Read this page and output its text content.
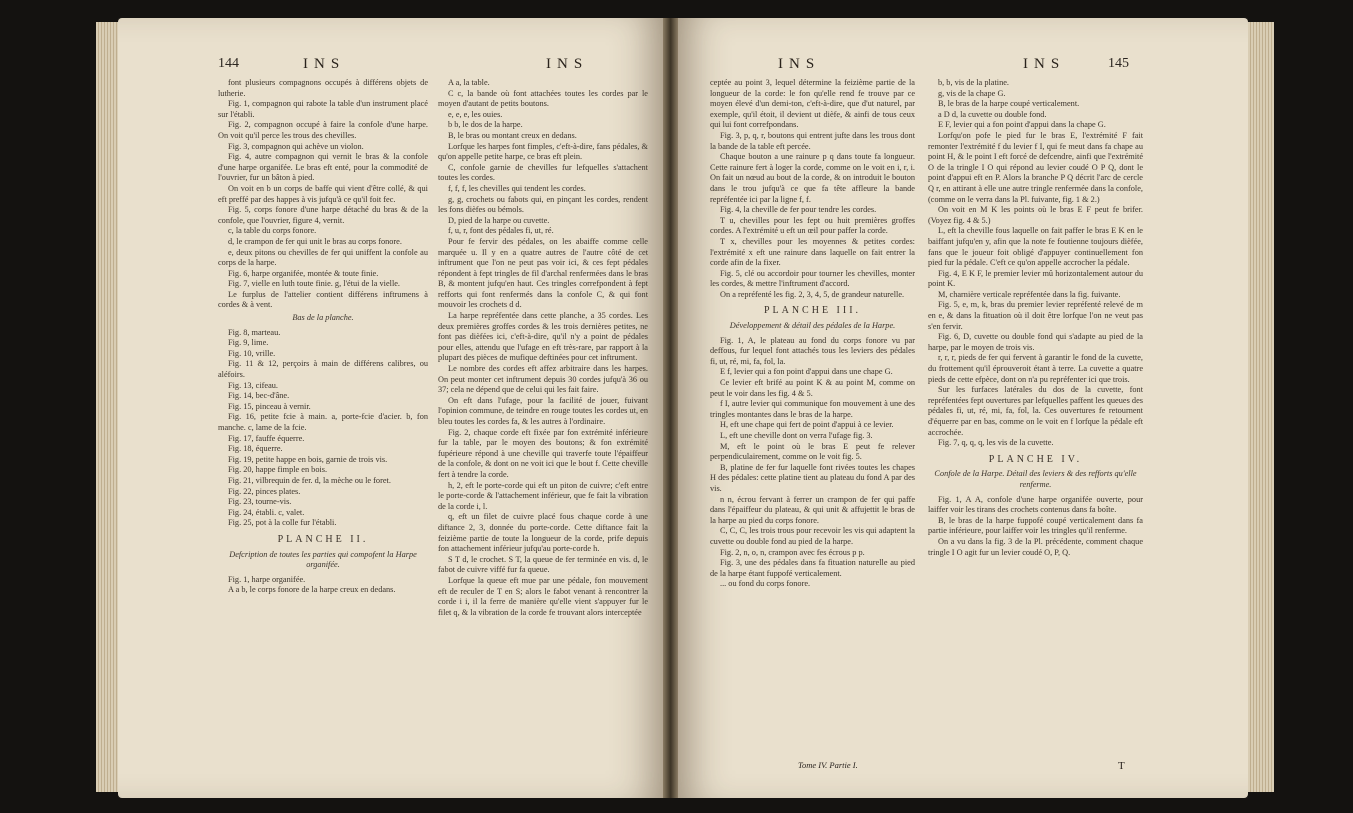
144	INS	INS

font plusieurs compagnons occupés à différens objets de lutherie.

Fig. 1, compagnon qui rabote la table d'un instrument placé sur l'établi.

Fig. 2, compagnon occupé à faire la confole d'une harpe. On voit qu'il perce les trous des chevilles.

Fig. 3, compagnon qui achève un violon.

Fig. 4, autre compagnon qui vernit le bras & la confole d'une harpe organifée. Le bras eft enté, pour la commodité de l'ouvrier, fur un bâton à pied.

On voit en b un corps de baffe qui vient d'être collé, & qui eft preffé par des happes à vis jufqu'à ce qu'il foit fec.

Fig. 5, corps fonore d'une harpe détaché du bras & de la confole, que l'ouvrier, figure 4, vernit.

c, la table du corps fonore.

d, le crampon de fer qui unit le bras au corps fonore.

e, deux pitons ou chevilles de fer qui uniffent la confole au corps de la harpe.

Fig. 6, harpe organifée, montée & toute finie.

Fig. 7, vielle en luth toute finie. g, l'étui de la vielle.

Le furplus de l'attelier contient différens inftrumens à cordes & à vent.

Bas de la planche.

Fig. 8, marteau.

Fig. 9, lime.

Fig. 10, vrille.

Fig. 11 & 12, perçoirs à main de différens calibres, ou aléfoirs.

Fig. 13, cifeau.

Fig. 14, bec-d'âne.

Fig. 15, pinceau à vernir.

Fig. 16, petite fcie à main. a, porte-fcie d'acier. b, fon manche. c, lame de la fcie.

Fig. 17, fauffe équerre.

Fig. 18, équerre.

Fig. 19, petite happe en bois, garnie de trois vis.

Fig. 20, happe fimple en bois.

Fig. 21, vilbrequin de fer. d, la mèche ou le foret.

Fig. 22, pinces plates.

Fig. 23, tourne-vis.

Fig. 24, établi. c, valet.

Fig. 25, pot à la colle fur l'établi.

PLANCHE II.
Defcription de toutes les parties qui compofent la Harpe organifée.

Fig. 1, harpe organifée.

A a b, le corps fonore de la harpe creux en dedans.

A a, la table.

C c, la bande où font attachées toutes les cordes par le moyen d'autant de petits boutons.

e, e, e, les ouies.

b b, le dos de la harpe.

B, le bras ou montant creux en dedans.

Lorfque les harpes font fimples, c'eft-à-dire, fans pédales, & qu'on appelle petite harpe, ce bras eft plein.

C, confole garnie de chevilles fur lefquelles s'attachent toutes les cordes.

f, f, f, les chevilles qui tendent les cordes.

g, g, crochets ou fabots qui, en pinçant les cordes, rendent les fons dièfes ou bémols.

D, pied de la harpe ou cuvette.

f, u, r, font des pédales fi, ut, ré.

Pour fe fervir des pédales, on les abaiffe comme celle marquée u. Il y en a quatre autres de l'autre côté de cet inftrument que l'on ne peut pas voir ici, & ces fept pédales répondent à fept tringles de fil d'archal renfermées dans le bras B, & montent jufqu'en haut. Ces tringles correfpondent à fept refforts qui font renfermés dans la confole C, & qui font mouvoir les crochets d d.

La harpe repréfentée dans cette planche, a 35 cordes. Les deux premières groffes cordes & les trois dernières petites, ne font pas dièfées ici, c'eft-à-dire, qu'il n'y a point de pédales pour elles, attendu que l'ufage en eft très-rare, par rapport à la plupart des pièces de mufique deftinées pour cet inftrument.

Le nombre des cordes eft affez arbitraire dans les harpes. On peut monter cet inftrument depuis 30 cordes jufqu'à 36 ou 37; cela ne dépend que de celui qui les fait faire.

On eft dans l'ufage, pour la facilité de jouer, fuivant l'opinion commune, de teindre en rouge toutes les cordes ut, en bleu toutes les cordes fa, & les autres à l'ordinaire.

Fig. 2, chaque corde eft fixée par fon extrémité inférieure fur la table, par le moyen des boutons; & fon extrémité fupérieure répond à une cheville qui traverfe toute l'épaiffeur de la confole, & dont on ne voit ici que le bout f. Cette cheville fert à tendre la corde.

h, 2, eft le porte-corde qui eft un piton de cuivre; c'eft entre le porte-corde & l'attachement inférieur, que fe fait la vibration de la corde i, l.

q, eft un filet de cuivre placé fous chaque corde à une diftance 2, 3, donnée du porte-corde. Cette diftance fait la feizième partie de toute la longueur de la corde, prife depuis fon attachement inférieur jufqu'au porte-corde h.

S T d, le crochet. S T, la queue de fer terminée en vis. d, le fabot de cuivre viffé fur fa queue.

Lorfque la queue eft mue par une pédale, fon mouvement eft de reculer de T en S; alors le fabot venant à rencontrer la corde i i, il la ferre de manière qu'elle vient s'appuyer fur le filet q, & la vibration de la corde fe trouvant alors interceptée

INS	INS	145

ceptée au point 3, lequel détermine la feizième partie de la longueur de la corde: le fon qu'elle rend fe trouve par ce moyen élevé d'un demi-ton, c'eft-à-dire, que d'ut naturel, par exemple, qu'il étoit, il devient ut dièfe, & ainfi de tous ceux qui lui font correfpondans.

Fig. 3, p, q, r, boutons qui entrent jufte dans les trous dont la bande de la table eft percée.

Chaque bouton a une rainure p q dans toute fa longueur. Cette rainure fert à loger la corde, comme on le voit en i, r, i. On fait un nœud au bout de la corde, & on introduit le bouton dans le trou jufqu'à ce que fa tête affleure la bande repréfentée ici par la ligne f, f.

Fig. 4, la cheville de fer pour tendre les cordes.

T u, chevilles pour les fept ou huit premières groffes cordes. A l'extrémité u eft un œil pour paffer la corde.

T x, chevilles pour les moyennes & petites cordes: l'extrémité x eft une rainure dans laquelle on fait entrer la corde afin de la fixer.

Fig. 5, clé ou accordoir pour tourner les chevilles, monter les cordes, & mettre l'inftrument d'accord.

On a repréfenté les fig. 2, 3, 4, 5, de grandeur naturelle.

PLANCHE III.
Développement & détail des pédales de la Harpe.

Fig. 1, A, le plateau au fond du corps fonore vu par deffous, fur lequel font attachés tous les leviers des pédales fi, ut, ré, mi, fa, fol, la.

E f, levier qui a fon point d'appui dans une chape G.

Ce levier eft brifé au point K & au point M, comme on peut le voir dans les fig. 4 & 5.

f I, autre levier qui communique fon mouvement à une des tringles montantes dans le bras de la harpe.

H, eft une chape qui fert de point d'appui à ce levier.

L, eft une cheville dont on verra l'ufage fig. 3.

M, eft le point où le bras E peut fe relever perpendiculairement, comme on le voit fig. 5.

B, platine de fer fur laquelle font rivées toutes les chapes H des pédales: cette platine tient au plateau du fond A par des vis.

n n, écrou fervant à ferrer un crampon de fer qui paffe dans l'épaiffeur du plateau, & qui unit & affujettit le bras de la harpe au pied du corps fonore.

C, C, C, les trois trous pour recevoir les vis qui adaptent la cuvette ou double fond au pied de la harpe.

Fig. 2, n, o, n, crampon avec fes écrous p p.

Fig. 3, une des pédales dans fa fituation naturelle au pied de la harpe étant fuppofé verticalement.

... ou fond du corps fonore.

Tome IV. Partie I.

b, b, vis de la platine.

g, vis de la chape G.

B, le bras de la harpe coupé verticalement.

a D d, la cuvette ou double fond.

E F, levier qui a fon point d'appui dans la chape G.

Lorfqu'on pofe le pied fur le bras E, l'extrémité F fait remonter l'extrémité f du levier f I, qui fe meut dans fa chape au point H, & le point I eft forcé de defcendre, ainfi que l'extrémité O de la tringle I O qui répond au levier coudé O P Q, dont le point d'appui eft en P. Alors la branche P Q décrit l'arc de cercle Q r, en attirant à elle une autre tringle renfermée dans la confole, (comme on le verra dans la Pl. fuivante, fig. 1 & 2.)

On voit en M K les points où le bras E F peut fe brifer. (Voyez fig. 4 & 5.)

L, eft la cheville fous laquelle on fait paffer le bras E K en le baiffant jufqu'en y, afin que la note fe foutienne toujours dièfée, fans que le joueur foit obligé d'appuyer continuellement fon pied fur la pédale. C'eft ce qu'on appelle accrocher la pédale.

Fig. 4, E K F, le premier levier mû horizontalement autour du point K.

M, charnière verticale repréfentée dans la fig. fuivante.

Fig. 5, e, m, k, bras du premier levier repréfenté relevé de m en e, & dans la fituation où il doit être lorfque l'on ne veut pas s'en fervir.

Fig. 6, D, cuvette ou double fond qui s'adapte au pied de la harpe, par le moyen de trois vis.

r, r, r, pieds de fer qui fervent à garantir le fond de la cuvette, du frottement qu'il éprouveroit étant à terre. La cuvette a quatre pieds de cette efpèce, dont on n'a pu repréfenter ici que trois.

Sur les furfaces latérales du dos de la cuvette, font repréfentées fept ouvertures par lefquelles paffent les queues des pédales fi, ut, ré, mi, fa, fol, la. Ces ouvertures fe retournent d'équerre par en bas, comme on le voit en f lorfque la pédale eft accrochée.

Fig. 7, q, q, q, les vis de la cuvette.

PLANCHE IV.
Confole de la Harpe. Détail des leviers & des refforts qu'elle renferme.

Fig. 1, A A, confole d'une harpe organifée ouverte, pour laiffer voir les tirans des crochets contenus dans fa boîte.

B, le bras de la harpe fuppofé coupé verticalement dans fa partie inférieure, pour laiffer voir les tringles qu'il renferme.

On a vu dans la fig. 3 de la Pl. précédente, comment chaque tringle I O agit fur un levier coudé O, P, Q.

T
